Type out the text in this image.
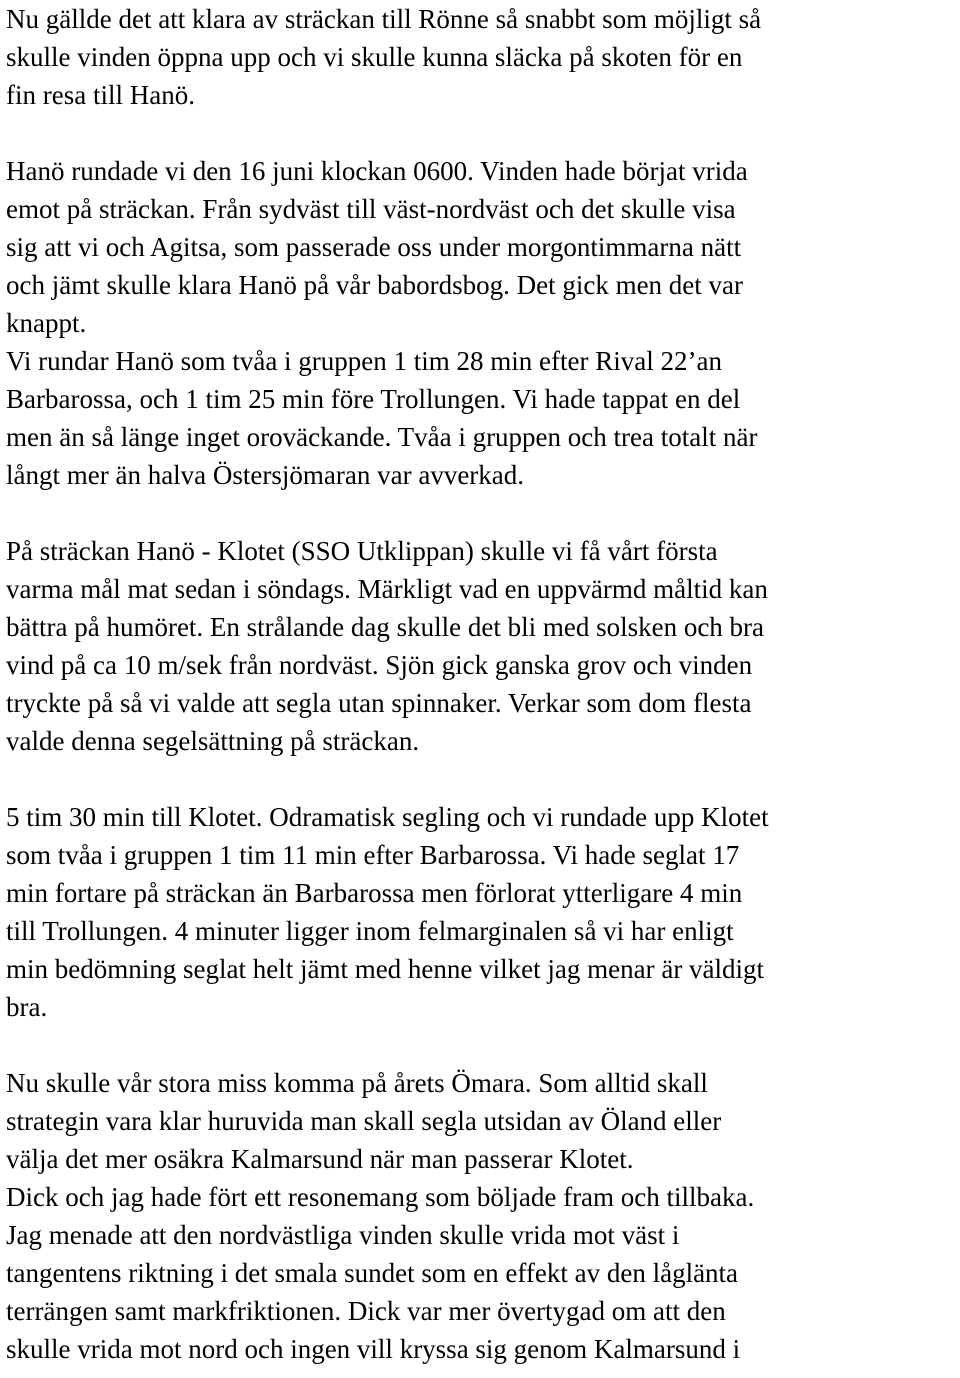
Nu gällde det att klara av sträckan till Rönne så snabbt som möjligt så
skulle vinden öppna upp och vi skulle kunna släcka på skoten för en
fin resa till Hanö.
Hanö rundade vi den 16 juni klockan 0600. Vinden hade börjat vrida
emot på sträckan. Från sydväst till väst-nordväst och det skulle visa
sig att vi och Agitsa, som passerade oss under morgontimmarna nätt
och jämt skulle klara Hanö på vår babordsbog. Det gick men det var
knappt.
Vi rundar Hanö som tvåa i gruppen 1 tim 28 min efter Rival 22’an
Barbarossa, och 1 tim 25 min före Trollungen. Vi hade tappat en del
men än så länge inget oroväckande. Tvåa i gruppen och trea totalt när
långt mer än halva Östersjömaran var avverkad.
På sträckan Hanö - Klotet (SSO Utklippan) skulle vi få vårt första
varma mål mat sedan i söndags. Märkligt vad en uppvärmd måltid kan
bättra på humöret. En strålande dag skulle det bli med solsken och bra
vind på ca 10 m/sek från nordväst. Sjön gick ganska grov och vinden
tryckte på så vi valde att segla utan spinnaker. Verkar som dom flesta
valde denna segelsättning på sträckan.
5 tim 30 min till Klotet. Odramatisk segling och vi rundade upp Klotet
som tvåa i gruppen 1 tim 11 min efter Barbarossa. Vi hade seglat 17
min fortare på sträckan än Barbarossa men förlorat ytterligare 4 min
till Trollungen. 4 minuter ligger inom felmarginalen så vi har enligt
min bedömning seglat helt jämt med henne vilket jag menar är väldigt
bra.
Nu skulle vår stora miss komma på årets Ömara. Som alltid skall
strategin vara klar huruvida man skall segla utsidan av Öland eller
välja det mer osäkra Kalmarsund när man passerar Klotet.
Dick och jag hade fört ett resonemang som böljade fram och tillbaka.
Jag menade att den nordvästliga vinden skulle vrida mot väst i
tangentens riktning i det smala sundet som en effekt av den låglänta
terrängen samt markfriktionen. Dick var mer övertygad om att den
skulle vrida mot nord och ingen vill kryssa sig genom Kalmarsund i
